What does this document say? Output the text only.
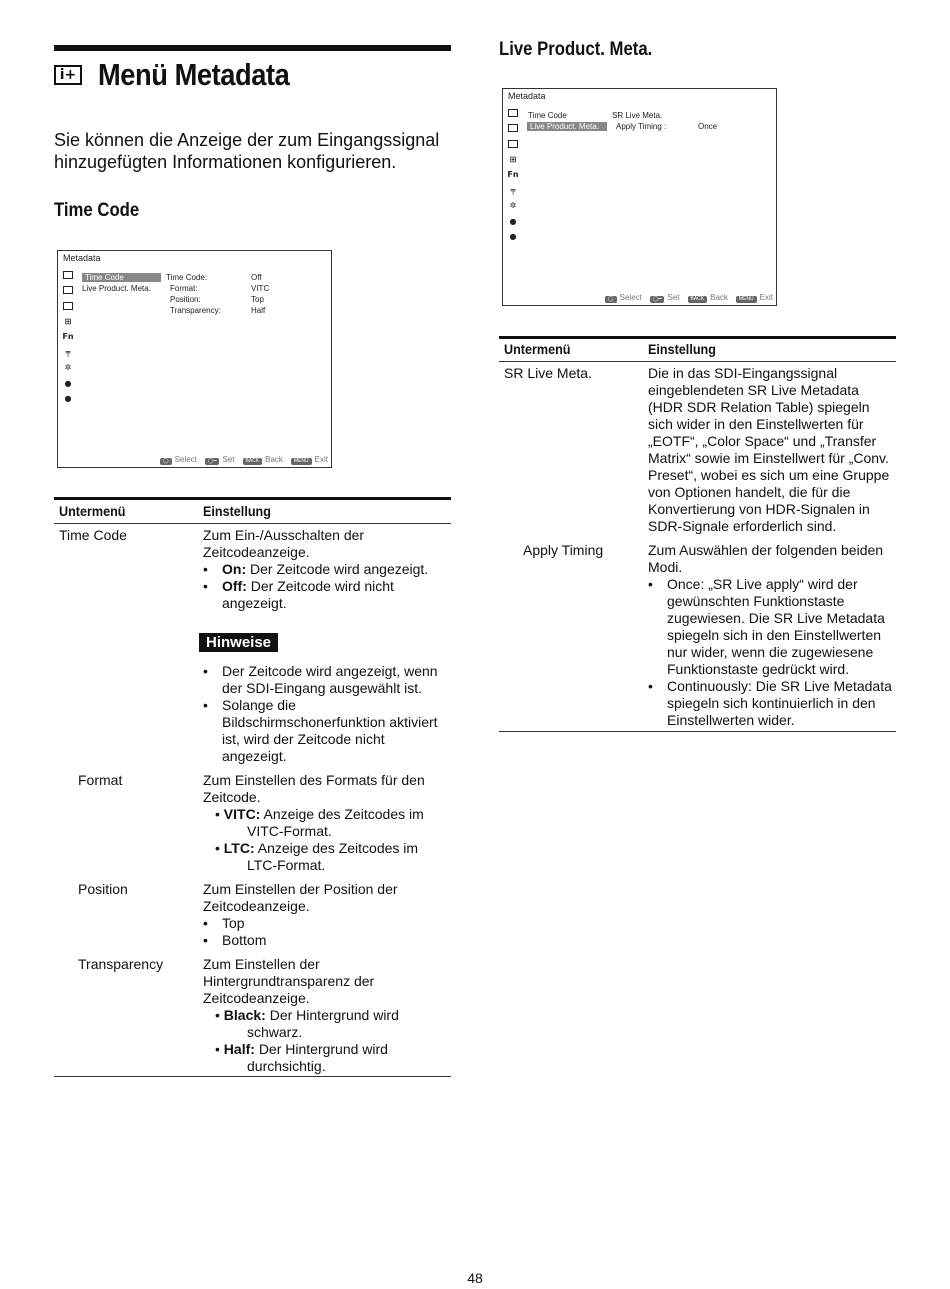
i+ Menü Metadata
Sie können die Anzeige der zum Eingangssignal hinzugefügten Informationen konfigurieren.
Time Code
Metadata
⊞
Fn
╤
✲
●
●
Time Code
Live Product. Meta.
Time Code:	Off
Format:	VITC
Position:	Top
Transparency:	Half
◯ Select	◯━ Set	BACK Back	MENU Exit
Untermenü	Einstellung
Time Code	Zum Ein-/Ausschalten der Zeitcodeanzeige.
• On: Der Zeitcode wird angezeigt.
• Off: Der Zeitcode wird nicht angezeigt.
Hinweise
• Der Zeitcode wird angezeigt, wenn der SDI-Eingang ausgewählt ist.
• Solange die Bildschirmschonerfunktion aktiviert ist, wird der Zeitcode nicht angezeigt.
Format	Zum Einstellen des Formats für den Zeitcode.
• VITC: Anzeige des Zeitcodes im VITC-Format.
• LTC: Anzeige des Zeitcodes im LTC-Format.
Position	Zum Einstellen der Position der Zeitcodeanzeige.
• Top
• Bottom
Transparency	Zum Einstellen der Hintergrundtransparenz der Zeitcodeanzeige.
• Black: Der Hintergrund wird schwarz.
• Half: Der Hintergrund wird durchsichtig.
Live Product. Meta.
Metadata
⊞
Fn
╤
✲
●
●
Time Code
Live Product. Meta.
SR Live Meta.
Apply Timing :	Once
◯ Select	◯━ Set	BACK Back	MENU Exit
Untermenü	Einstellung
SR Live Meta.	Die in das SDI-Eingangssignal eingeblendeten SR Live Metadata (HDR SDR Relation Table) spiegeln sich wider in den Einstellwerten für „EOTF“, „Color Space“ und „Transfer Matrix“ sowie im Einstellwert für „Conv. Preset“, wobei es sich um eine Gruppe von Optionen handelt, die für die Konvertierung von HDR-Signalen in SDR-Signale erforderlich sind.
Apply Timing	Zum Auswählen der folgenden beiden Modi.
• Once: „SR Live apply“ wird der gewünschten Funktionstaste zugewiesen. Die SR Live Metadata spiegeln sich in den Einstellwerten nur wider, wenn die zugewiesene Funktionstaste gedrückt wird.
• Continuously: Die SR Live Metadata spiegeln sich kontinuierlich in den Einstellwerten wider.
48
